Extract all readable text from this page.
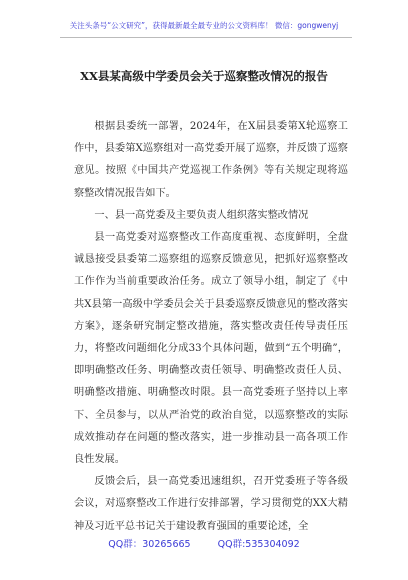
关注头条号“公文研究”，获得最新最全最专业的公文资料库！ 微信：gongwenyj
XX县某高级中学委员会关于巡察整改情况的报告

根据县委统一部署，2024年，在X届县委第X轮巡察工作中，县委第X巡察组对一高党委开展了巡察，并反馈了巡察意见。按照《中国共产党巡视工作条例》等有关规定现将巡察整改情况报告如下。

一、县一高党委及主要负责人组织落实整改情况

县一高党委对巡察整改工作高度重视、态度鲜明，全盘诚恳接受县委第二巡察组的巡察反馈意见，把抓好巡察整改工作作为当前重要政治任务。成立了领导小组，制定了《中共X县第一高级中学委员会关于县委巡察反馈意见的整改落实方案》，逐条研究制定整改措施，落实整改责任传导责任压力，将整改问题细化分成33个具体问题，做到“五个明确”，即明确整改任务、明确整改责任领导、明确整改责任人员、明确整改措施、明确整改时限。县一高党委班子坚持以上率下、全员参与，以从严治党的政治自觉，以巡察整改的实际成效推动存在问题的整改落实，进一步推动县一高各项工作良性发展。

反馈会后，县一高党委迅速组织，召开党委班子等各级会议，对巡察整改工作进行安排部署，学习贯彻党的XX大精神及习近平总书记关于建设教育强国的重要论述，全

QQ群：30265665	QQ群:535304092
